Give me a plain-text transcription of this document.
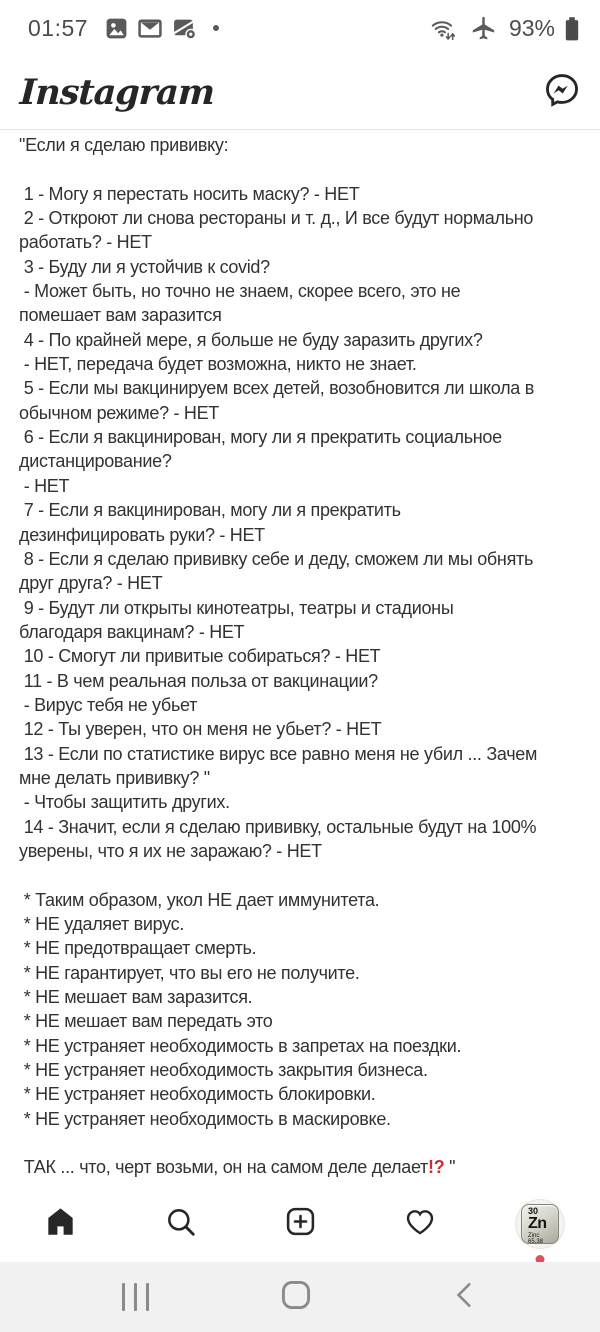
01:57	93%
Instagram
"Если я сделаю прививку:

1 - Могу я перестать носить маску? - НЕТ
2 - Откроют ли снова рестораны и т. д., И все будут нормально
работать? - НЕТ
3 - Буду ли я устойчив к covid?
- Может быть, но точно не знаем, скорее всего, это не
помешает вам заразится
4 - По крайней мере, я больше не буду заразить других?
- НЕТ, передача будет возможна, никто не знает.
5 - Если мы вакцинируем всех детей, возобновится ли школа в
обычном режиме? - НЕТ
6 - Если я вакцинирован, могу ли я прекратить социальное
дистанцирование?
- НЕТ
7 - Если я вакцинирован, могу ли я прекратить
дезинфицировать руки? - НЕТ
8 - Если я сделаю прививку себе и деду, сможем ли мы обнять
друг друга? - НЕТ
9 - Будут ли открыты кинотеатры, театры и стадионы
благодаря вакцинам? - НЕТ
10 - Смогут ли привитые собираться? - НЕТ
11 - В чем реальная польза от вакцинации?
- Вирус тебя не убьет
12 - Ты уверен, что он меня не убьет? - НЕТ
13 - Если по статистике вирус все равно меня не убил ... Зачем
мне делать прививку? "
- Чтобы защитить других.
14 - Значит, если я сделаю прививку, остальные будут на 100%
уверены, что я их не заражаю? - НЕТ

* Таким образом, укол НЕ дает иммунитета.
* НЕ удаляет вирус.
* НЕ предотвращает смерть.
* НЕ гарантирует, что вы его не получите.
* НЕ мешает вам заразится.
* НЕ мешает вам передать это
* НЕ устраняет необходимость в запретах на поездки.
* НЕ устраняет необходимость закрытия бизнеса.
* НЕ устраняет необходимость блокировки.
* НЕ устраняет необходимость в маскировке.

ТАК ... что, черт возьми, он на самом деле делает!? "
30
Zn
Zinc
65,38
